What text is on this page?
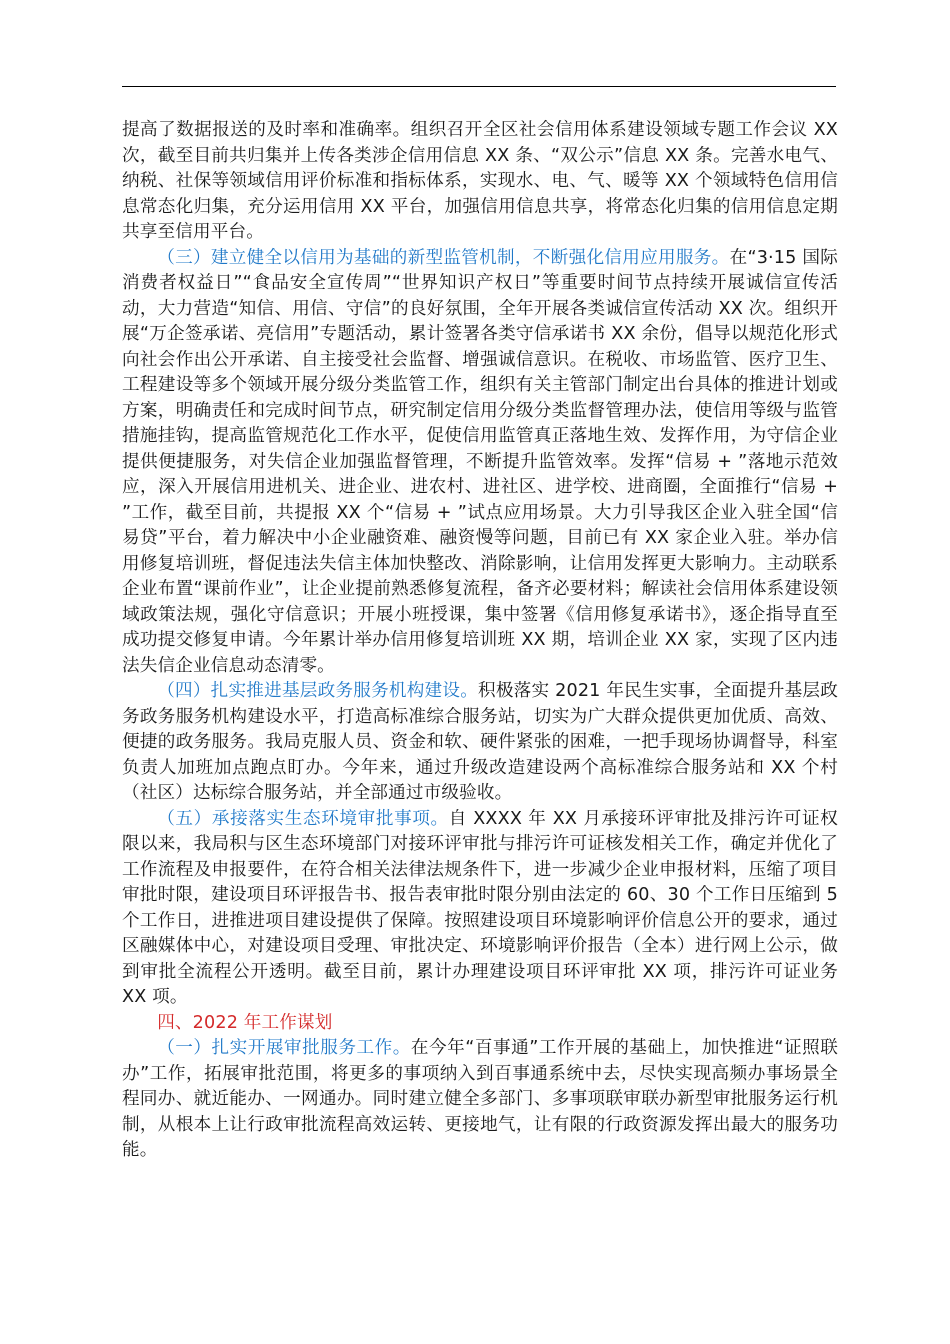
提高了数据报送的及时率和准确率。组织召开全区社会信用体系建设领域专题工作会议 XX 次，截至目前共归集并上传各类涉企信用信息 XX 条、“双公示”信息 XX 条。完善水电气、纳税、社保等领域信用评价标准和指标体系，实现水、电、气、暖等 XX 个领域特色信用信息常态化归集，充分运用信用 XX 平台，加强信用信息共享，将常态化归集的信用信息定期共享至信用平台。

（三）建立健全以信用为基础的新型监管机制，不断强化信用应用服务。在“3·15 国际消费者权益日”“食品安全宣传周”“世界知识产权日”等重要时间节点持续开展诚信宣传活动，大力营造“知信、用信、守信”的良好氛围，全年开展各类诚信宣传活动 XX 次。组织开展“万企签承诺、亮信用”专题活动，累计签署各类守信承诺书 XX 余份，倡导以规范化形式向社会作出公开承诺、自主接受社会监督、增强诚信意识。在税收、市场监管、医疗卫生、工程建设等多个领域开展分级分类监管工作，组织有关主管部门制定出台具体的推进计划或方案，明确责任和完成时间节点，研究制定信用分级分类监督管理办法，使信用等级与监管措施挂钩，提高监管规范化工作水平，促使信用监管真正落地生效、发挥作用，为守信企业提供便捷服务，对失信企业加强监督管理，不断提升监管效率。发挥“信易 + ”落地示范效应，深入开展信用进机关、进企业、进农村、进社区、进学校、进商圈，全面推行“信易 + ”工作，截至目前，共提报 XX 个“信易 + ”试点应用场景。大力引导我区企业入驻全国“信易贷”平台，着力解决中小企业融资难、融资慢等问题，目前已有 XX 家企业入驻。举办信用修复培训班，督促违法失信主体加快整改、消除影响，让信用发挥更大影响力。主动联系企业布置“课前作业”，让企业提前熟悉修复流程，备齐必要材料；解读社会信用体系建设领域政策法规，强化守信意识；开展小班授课，集中签署《信用修复承诺书》，逐企指导直至成功提交修复申请。今年累计举办信用修复培训班 XX 期，培训企业 XX 家，实现了区内违法失信企业信息动态清零。

（四）扎实推进基层政务服务机构建设。积极落实 2021 年民生实事，全面提升基层政务政务服务机构建设水平，打造高标准综合服务站，切实为广大群众提供更加优质、高效、便捷的政务服务。我局克服人员、资金和软、硬件紧张的困难，一把手现场协调督导，科室负责人加班加点跑点盯办。今年来，通过升级改造建设两个高标准综合服务站和 XX 个村（社区）达标综合服务站，并全部通过市级验收。

（五）承接落实生态环境审批事项。自 XXXX 年 XX 月承接环评审批及排污许可证权限以来，我局积与区生态环境部门对接环评审批与排污许可证核发相关工作，确定并优化了工作流程及申报要件，在符合相关法律法规条件下，进一步减少企业申报材料，压缩了项目审批时限，建设项目环评报告书、报告表审批时限分别由法定的 60、30 个工作日压缩到 5 个工作日，进推进项目建设提供了保障。按照建设项目环境影响评价信息公开的要求，通过区融媒体中心，对建设项目受理、审批决定、环境影响评价报告（全本）进行网上公示，做到审批全流程公开透明。截至目前，累计办理建设项目环评审批 XX 项，排污许可证业务 XX 项。

四、2022 年工作谋划

（一）扎实开展审批服务工作。在今年“百事通”工作开展的基础上，加快推进“证照联办”工作，拓展审批范围，将更多的事项纳入到百事通系统中去，尽快实现高频办事场景全程同办、就近能办、一网通办。同时建立健全多部门、多事项联审联办新型审批服务运行机制，从根本上让行政审批流程高效运转、更接地气，让有限的行政资源发挥出最大的服务功能。
